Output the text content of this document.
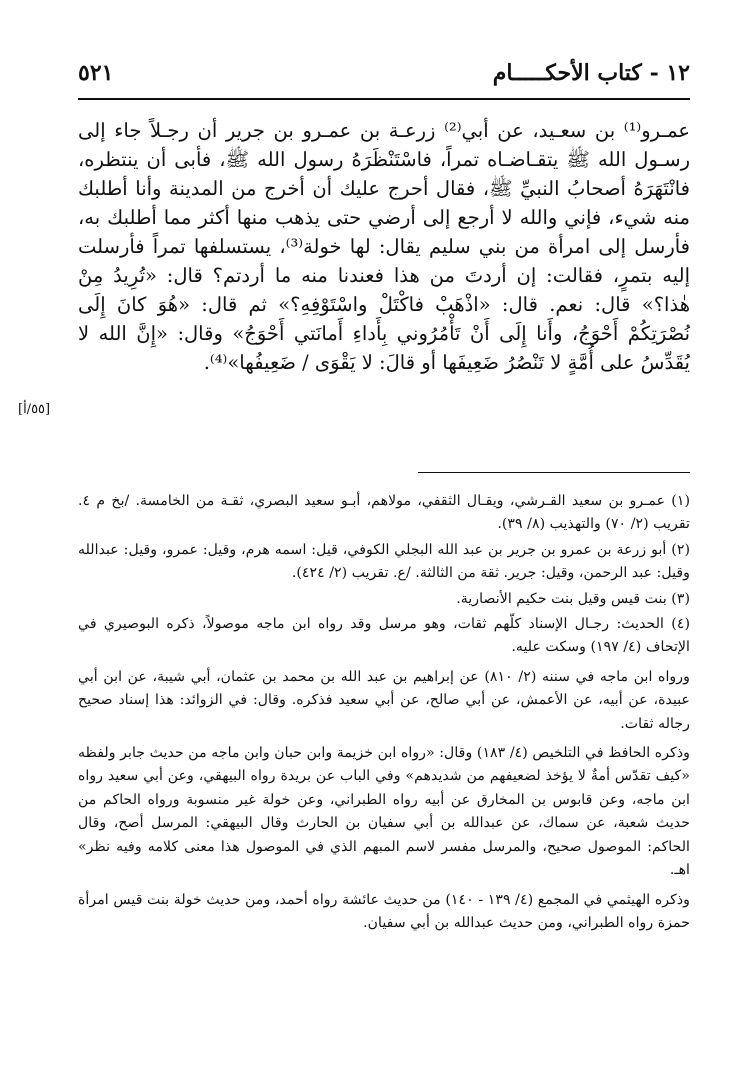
١٢ - كتاب الأحكـــــام
٥٢١

عمـرو⁽¹⁾ بن سعـيد، عن أبي⁽²⁾ زرعـة بن عمـرو بن جرير أن رجـلاً جاء إلى رسـول الله ﷺ يتقـاضـاه تمراً، فاسْتَنْظَرَهُ رسول الله ﷺ، فأبى أن ينتظره، فانْتَهَرَهُ أصحابُ النبيِّ ﷺ، فقال أحرج عليك أن أخرج من المدينة وأنا أطلبك منه شيء، فإني والله لا أرجع إلى أرضي حتى يذهب منها أكثر مما أطلبك به، فأرسل إلى امرأة من بني سليم يقال: لها خولة⁽³⁾، يستسلفها تمراً فأرسلت إليه بتمرٍ، فقالت: إن أردتَ من هذا فعندنا منه ما أردتم؟ قال: «تُرِيدُ مِنْ هٰذا؟» قال: نعم. قال: «اذْهَبْ فاكْتَلْ واسْتَوْفِهِ؟» ثم قال: «هُوَ كانَ إِلَى نُصْرَتِكُمْ أَحْوَجُ، وأَنا إِلَى أَنْ تَأْمُرُوني بِأَداءِ أَمانَتي أَحْوَجُ» وقال: «إِنَّ الله لا يُقَدِّسُ على أُمَّةٍ لا تَنْصُرُ ضَعِيفَها أو قالَ: لا يَقْوَى / ضَعِيفُها»⁽⁴⁾.

[٥٥/أ]

(١) عمـرو بن سعيد القـرشي، ويقـال الثقفي، مولاهم، أبـو سعيد البصري، ثقـة من الخامسة. /بخ م ٤. تقريب (٢/ ٧٠) والتهذيب (٨/ ٣٩).

(٢) أبو زرعة بن عمرو بن جرير بن عبد الله البجلي الكوفي، قيل: اسمه هرم، وقيل: عمرو، وقيل: عبدالله وقيل: عبد الرحمن، وقيل: جرير. ثقة من الثالثة. /ع. تقريب (٢/ ٤٢٤).

(٣) بنت قيس وقيل بنت حكيم الأنصارية.

(٤) الحديث: رجـال الإسناد كلّهم ثقات، وهو مرسل وقد رواه ابن ماجه موصولاً، ذكره البوصيري في الإتحاف (٤/ ١٩٧) وسكت عليه.

ورواه ابن ماجه في سننه (٢/ ٨١٠) عن إبراهيم بن عبد الله بن محمد بن عثمان، أبي شيبة، عن ابن أبي عبيدة، عن أبيه، عن الأعمش، عن أبي صالح، عن أبي سعيد فذكره. وقال: في الزوائد: هذا إسناد صحيح رجاله ثقات.

وذكره الحافظ في التلخيص (٤/ ١٨٣) وقال: «رواه ابن خزيمة وابن حبان وابن ماجه من حديث جابر ولفظه «كيف تقدّس أمةٌ لا يؤخذ لضعيفهم من شديدهم» وفي الباب عن بريدة رواه البيهقي، وعن أبي سعيد رواه ابن ماجه، وعن قابوس بن المخارق عن أبيه رواه الطبراني، وعن خولة غير منسوبة ورواه الحاكم من حديث شعبة، عن سماك، عن عبدالله بن أبي سفيان بن الحارث وقال البيهقي: المرسل أصح، وقال الحاكم: الموصول صحيح، والمرسل مفسر لاسم المبهم الذي في الموصول هذا معنى كلامه وفيه نظر» اهـ.

وذكره الهيثمي في المجمع (٤/ ١٣٩ - ١٤٠) من حديث عائشة رواه أحمد، ومن حديث خولة بنت قيس امرأة حمزة رواه الطبراني، ومن حديث عبدالله بن أبي سفيان.
